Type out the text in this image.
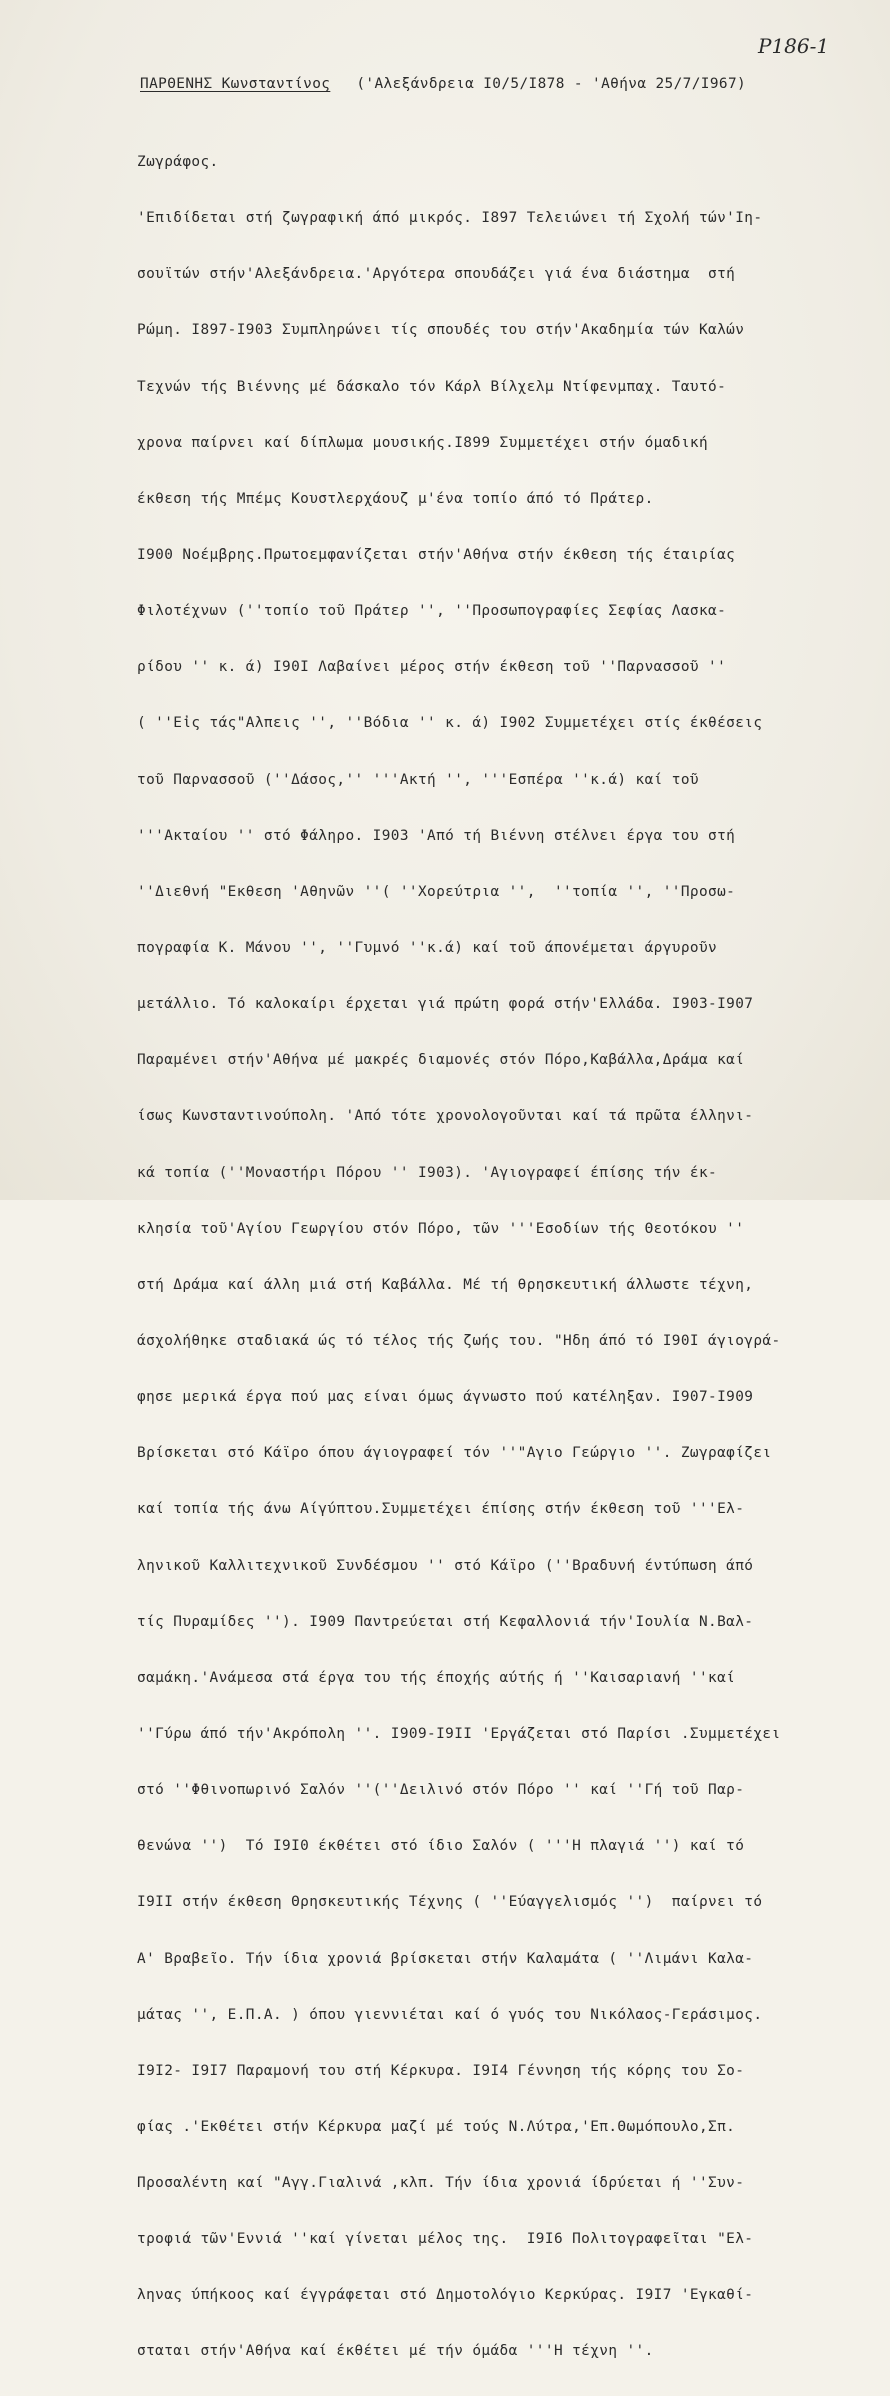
Ρ186-1
ΠΑΡΘΕΝΗΣ Κωνσταντίνος ('Αλεξάνδρεια Ι0/5/Ι878 - 'Αθήνα 25/7/Ι967)

Ζωγράφος.

'Επιδίδεται στή ζωγραφική άπό μικρός. Ι897 Τελειώνει τή Σχολή τών'Ιη-

σουϊτών στήν'Αλεξάνδρεια.'Αργότερα σπουδάζει γιά ένα διάστημα  στή

Ρώμη. Ι897-Ι903 Συμπληρώνει τίς σπουδές του στήν'Ακαδημία τών Καλών

Τεχνών τής Βιέννης μέ δάσκαλο τόν Κάρλ Βίλχελμ Ντίφενμπαχ. Ταυτό-

χρονα παίρνει καί δίπλωμα μουσικής.Ι899 Συμμετέχει στήν όμαδική

έκθεση τής Μπέμς Κουστλερχάουζ μ'ένα τοπίο άπό τό Πράτερ.

Ι900 Νοέμβρης.Πρωτοεμφανίζεται στήν'Αθήνα στήν έκθεση τής έταιρίας

Φιλοτέχνων (''τοπίο τοῦ Πράτερ '', ''Προσωπογραφίες Σεφίας Λασκα-

ρίδου '' κ. ά) Ι90Ι Λαβαίνει μέρος στήν έκθεση τοῦ ''Παρνασσοῦ ''

( ''Εἰς τάς"Αλπεις '', ''Βόδια '' κ. ά) Ι902 Συμμετέχει στίς έκθέσεις

τοῦ Παρνασσοῦ (''Δάσος,'' '''Ακτή '', '''Εσπέρα ''κ.ά) καί τοῦ

'''Ακταίου '' στό Φάληρο. Ι903 'Από τή Βιέννη στέλνει έργα του στή

''Διεθνή "Εκθεση 'Αθηνῶν ''( ''Χορεύτρια '',  ''τοπία '', ''Προσω-

πογραφία Κ. Μάνου '', ''Γυμνό ''κ.ά) καί τοῦ άπονέμεται άργυροῦν

μετάλλιο. Τό καλοκαίρι έρχεται γιά πρώτη φορά στήν'Ελλάδα. Ι903-Ι907

Παραμένει στήν'Αθήνα μέ μακρές διαμονές στόν Πόρο,Καβάλλα,Δράμα καί

ίσως Κωνσταντινούπολη. 'Από τότε χρονολογοῦνται καί τά πρῶτα έλληνι-

κά τοπία (''Μοναστήρι Πόρου '' Ι903). 'Αγιογραφεί έπίσης τήν έκ-

κλησία τοῦ'Αγίου Γεωργίου στόν Πόρο, τῶν '''Εσοδίων τής Θεοτόκου ''

στή Δράμα καί άλλη μιά στή Καβάλλα. Μέ τή θρησκευτική άλλωστε τέχνη,

άσχολήθηκε σταδιακά ώς τό τέλος τής ζωής του. "Ηδη άπό τό Ι90Ι άγιογρά-

φησε μερικά έργα πού μας είναι όμως άγνωστο πού κατέληξαν. Ι907-Ι909

Βρίσκεται στό Κάϊρο όπου άγιογραφεί τόν ''"Αγιο Γεώργιο ''. Ζωγραφίζει

καί τοπία τής άνω Αίγύπτου.Συμμετέχει έπίσης στήν έκθεση τοῦ '''Ελ-

ληνικοῦ Καλλιτεχνικοῦ Συνδέσμου '' στό Κάϊρο (''Βραδυνή έντύπωση άπό

τίς Πυραμίδες ''). Ι909 Παντρεύεται στή Κεφαλλονιά τήν'Ιουλία Ν.Βαλ-

σαμάκη.'Ανάμεσα στά έργα του τής έποχής αύτής ή ''Καισαριανή ''καί

''Γύρω άπό τήν'Ακρόπολη ''. Ι909-Ι9ΙΙ 'Εργάζεται στό Παρίσι .Συμμετέχει

στό ''Φθινοπωρινό Σαλόν ''(''Δειλινό στόν Πόρο '' καί ''Γή τοῦ Παρ-

θενώνα '')  Τό Ι9Ι0 έκθέτει στό ίδιο Σαλόν ( '''Η πλαγιά '') καί τό

Ι9ΙΙ στήν έκθεση Θρησκευτικής Τέχνης ( ''Εύαγγελισμός '')  παίρνει τό

Α' Βραβεῖο. Τήν ίδια χρονιά βρίσκεται στήν Καλαμάτα ( ''Λιμάνι Καλα-

μάτας '', Ε.Π.Α. ) όπου γιεννιέται καί ό γυός του Νικόλαος-Γεράσιμος.

Ι9Ι2- Ι9Ι7 Παραμονή του στή Κέρκυρα. Ι9Ι4 Γέννηση τής κόρης του Σο-

φίας .'Εκθέτει στήν Κέρκυρα μαζί μέ τούς Ν.Λύτρα,'Επ.Θωμόπουλο,Σπ.

Προσαλέντη καί "Αγγ.Γιαλινά ,κλπ. Τήν ίδια χρονιά ίδρύεται ή ''Συν-

τροφιά τῶν'Εννιά ''καί γίνεται μέλος της.  Ι9Ι6 Πολιτογραφεῖται "Ελ-

ληνας ύπήκοος καί έγγράφεται στό Δημοτολόγιο Κερκύρας. Ι9Ι7 'Εγκαθί-

σταται στήν'Αθήνα καί έκθέτει μέ τήν όμάδα '''Η τέχνη ''.
